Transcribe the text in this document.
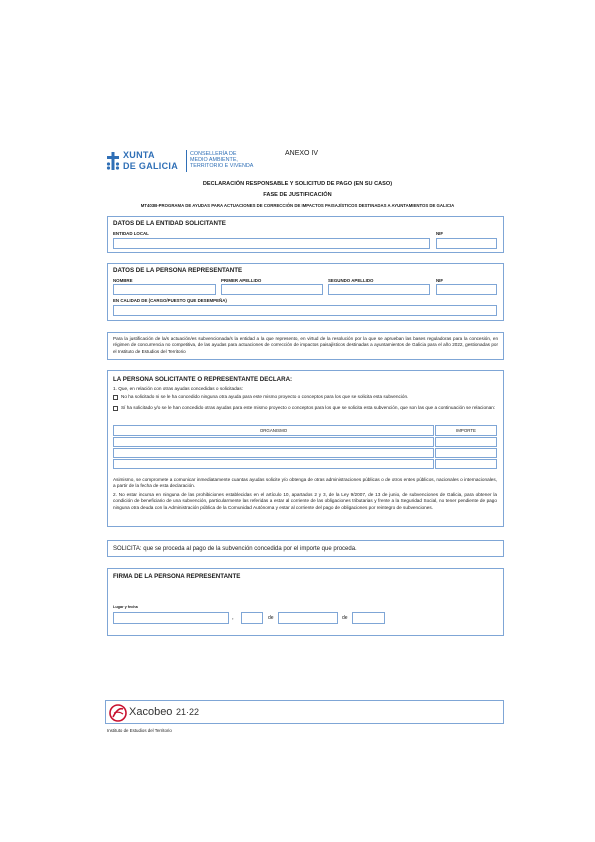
XUNTA
DE GALICIA
CONSELLERÍA DE
MEDIO AMBIENTE,
TERRITORIO E VIVENDA
ANEXO IV
DECLARACIÓN RESPONSABLE Y SOLICITUD DE PAGO (EN SU CASO)
FASE DE JUSTIFICACIÓN
MT403B-PROGRAMA DE AYUDAS PARA ACTUACIONES DE CORRECCIÓN DE IMPACTOS PAISAJÍSTICOS DESTINADAS A AYUNTAMIENTOS DE GALICIA
DATOS DE LA ENTIDAD SOLICITANTE
ENTIDAD LOCAL	NIF
DATOS DE LA PERSONA REPRESENTANTE
NOMBRE	PRIMER APELLIDO	SEGUNDO APELLIDO	NIF
EN CALIDAD DE (CARGO/PUESTO QUE DESEMPEÑA)
Para la justificación de la/s actuación/es subvencionada/s la entidad a la que represento, en virtud de la resolución por la que se aprueban las bases reguladoras para la concesión, en régimen de concurrencia no competitiva, de las ayudas para actuaciones de corrección de impactos paisajísticos destinadas a ayuntamientos de Galicia para el año 2022, gestionadas por el Instituto de Estudios del Territorio
LA PERSONA SOLICITANTE O REPRESENTANTE DECLARA:
1. Que, en relación con otras ayudas concedidas o solicitadas:
No ha solicitado ni se le ha concedido ninguna otra ayuda para este mismo proyecto o conceptos para los que se solicita esta subvención.
Sí ha solicitado y/o se le han concedido otras ayudas para este mismo proyecto o conceptos para los que se solicita esta subvención, que son las que a continuación se relacionan:
ORGANISMO	IMPORTE
Asimismo, se compromete a comunicar inmediatamente cuantas ayudas solicite y/o obtenga de otras administraciones públicas o de otros entes públicos, nacionales o internacionales, a partir de la fecha de esta declaración.
2. No estar incursa en ninguna de las prohibiciones establecidas en el artículo 10, apartados 2 y 3, de la Ley 9/2007, de 13 de junio, de subvenciones de Galicia, para obtener la condición de beneficiario de una subvención, particularmente las referidas a estar al corriente de las obligaciones tributarias y frente a la Seguridad Social, no tener pendiente de pago ninguna otra deuda con la Administración pública de la Comunidad Autónoma y estar al corriente del pago de obligaciones por reintegro de subvenciones.
SOLICITA: que se proceda al pago de la subvención concedida por el importe que proceda.
FIRMA DE LA PERSONA REPRESENTANTE
Lugar y fecha
,	de	de
Xacobeo 21·22
Instituto de Estudios del Territorio
